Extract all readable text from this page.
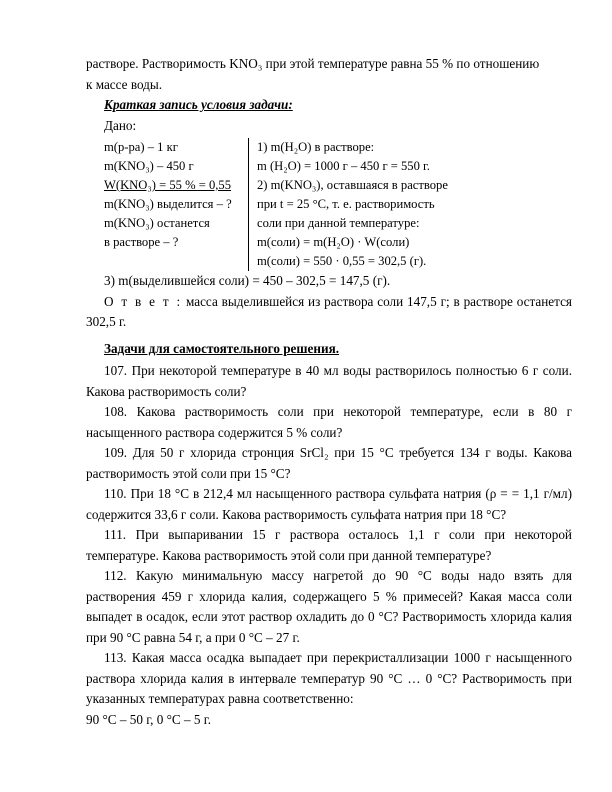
растворе. Растворимость KNO₃ при этой температуре равна 55 % по отношению

к массе воды.

Краткая запись условия задачи:

Дано:

m(р-ра) – 1 кг
m(KNO₃) – 450 г
W(KNO₃) = 55 % = 0,55
m(KNO₃) выделится – ?
m(KNO₃) останется
в растворе – ?
1) m(H₂O) в растворе:
m (H₂O) = 1000 г – 450 г = 550 г.
2) m(KNO₃), оставшаяся в растворе
при t = 25 °C, т. е. растворимость
соли при данной температуре:
m(соли) = m(H₂O) · W(соли)
m(соли) = 550 · 0,55 = 302,5 (г).

3) m(выделившейся соли) = 450 – 302,5 = 147,5 (г).

О т в е т : масса выделившейся из раствора соли 147,5 г; в растворе останется 302,5 г.

Задачи для самостоятельного решения.

107. При некоторой температуре в 40 мл воды растворилось полностью 6 г соли. Какова растворимость соли?

108. Какова растворимость соли при некоторой температуре, если в 80 г насыщенного раствора содержится 5 % соли?

109. Для 50 г хлорида стронция SrCl₂ при 15 °C требуется 134 г воды. Какова растворимость этой соли при 15 °C?

110. При 18 °C в 212,4 мл насыщенного раствора сульфата натрия (ρ = = 1,1 г/мл) содержится 33,6 г соли. Какова растворимость сульфата натрия при 18 °C?

111. При выпаривании 15 г раствора осталось 1,1 г соли при некоторой температуре. Какова растворимость этой соли при данной температуре?

112. Какую минимальную массу нагретой до 90 °C воды надо взять для растворения 459 г хлорида калия, содержащего 5 % примесей? Какая масса соли выпадет в осадок, если этот раствор охладить до 0 °C? Растворимость хлорида калия при 90 °C равна 54 г, а при 0 °C – 27 г.

113. Какая масса осадка выпадает при перекристаллизации 1000 г насыщенного раствора хлорида калия в интервале температур 90 °C … 0 °C? Растворимость при указанных температурах равна соответственно:

90 °C – 50 г, 0 °C – 5 г.
